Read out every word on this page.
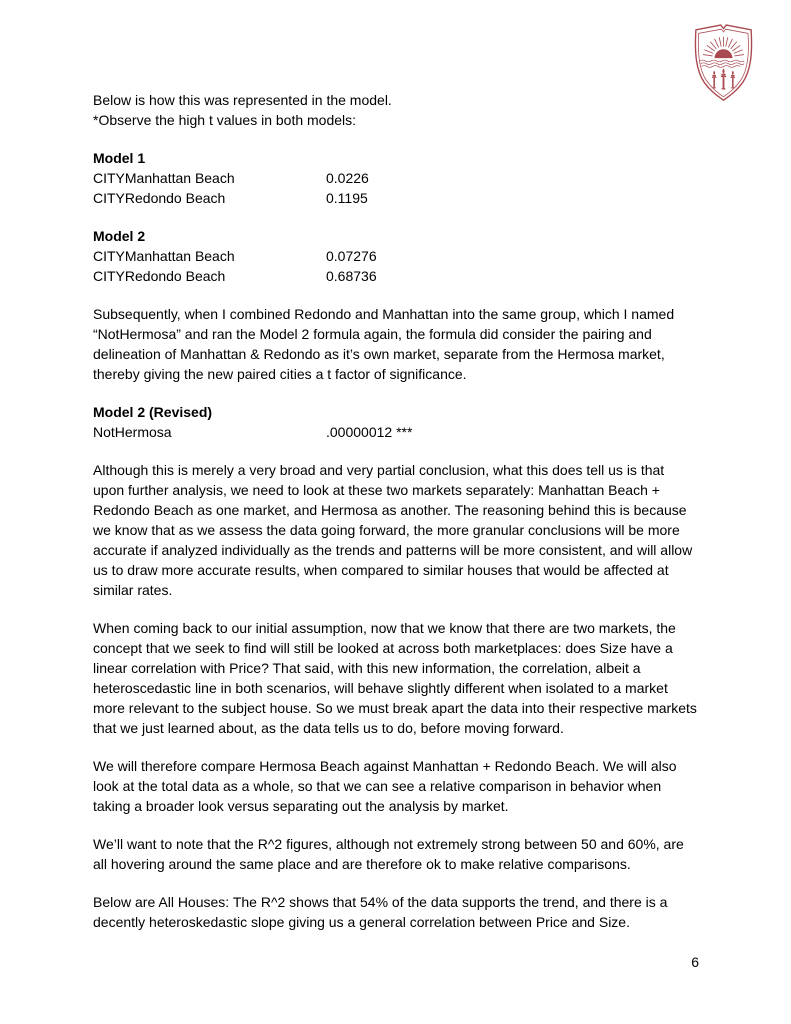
Below is how this was represented in the model.
*Observe the high t values in both models:
Model 1
CITYManhattan Beach	0.0226
CITYRedondo Beach	0.1195
Model 2
CITYManhattan Beach	0.07276
CITYRedondo Beach	0.68736
Subsequently, when I combined Redondo and Manhattan into the same group, which I named “NotHermosa” and ran the Model 2 formula again, the formula did consider the pairing and delineation of Manhattan & Redondo as it’s own market, separate from the Hermosa market, thereby giving the new paired cities a t factor of significance.
Model 2 (Revised)
NotHermosa	.00000012 ***
Although this is merely a very broad and very partial conclusion, what this does tell us is that upon further analysis, we need to look at these two markets separately: Manhattan Beach + Redondo Beach as one market, and Hermosa as another. The reasoning behind this is because we know that as we assess the data going forward, the more granular conclusions will be more accurate if analyzed individually as the trends and patterns will be more consistent, and will allow us to draw more accurate results, when compared to similar houses that would be affected at similar rates.
When coming back to our initial assumption, now that we know that there are two markets, the concept that we seek to find will still be looked at across both marketplaces: does Size have a linear correlation with Price? That said, with this new information, the correlation, albeit a heteroscedastic line in both scenarios, will behave slightly different when isolated to a market more relevant to the subject house. So we must break apart the data into their respective markets that we just learned about, as the data tells us to do, before moving forward.
We will therefore compare Hermosa Beach against Manhattan + Redondo Beach. We will also look at the total data as a whole, so that we can see a relative comparison in behavior when taking a broader look versus separating out the analysis by market.
We’ll want to note that the R^2 figures, although not extremely strong between 50 and 60%, are all hovering around the same place and are therefore ok to make relative comparisons.
Below are All Houses: The R^2 shows that 54% of the data supports the trend, and there is a decently heteroskedastic slope giving us a general correlation between Price and Size.
6
